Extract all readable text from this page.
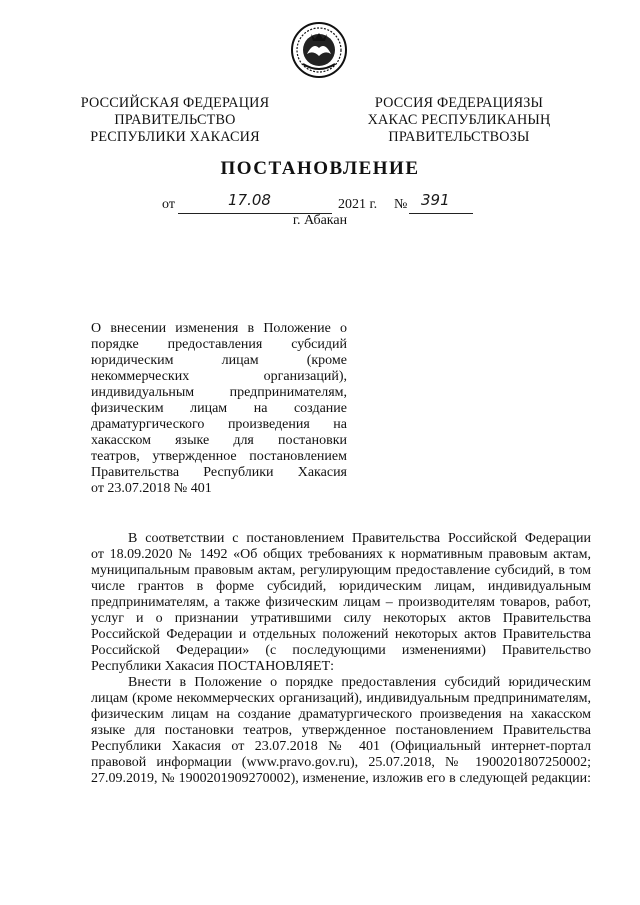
РОССИЙСКАЯ ФЕДЕРАЦИЯ
ПРАВИТЕЛЬСТВО
РЕСПУБЛИКИ ХАКАСИЯ
РОССИЯ ФЕДЕРАЦИЯЗЫ
ХАКАС РЕСПУБЛИКАНЫҢ
ПРАВИТЕЛЬСТВОЗЫ
ПОСТАНОВЛЕНИЕ
от	17.08	2021 г. № 391
г. Абакан
О внесении изменения в Положение о
порядке предоставления субсидий
юридическим лицам (кроме
некоммерческих организаций),
индивидуальным предпринимателям,
физическим лицам на создание
драматургического произведения на
хакасском языке для постановки
театров, утвержденное постановлением
Правительства Республики Хакасия
от 23.07.2018 № 401
В соответствии с постановлением Правительства Российской Федерации
от 18.09.2020 № 1492 «Об общих требованиях к нормативным правовым актам,
муниципальным правовым актам, регулирующим предоставление субсидий, в том
числе грантов в форме субсидий, юридическим лицам, индивидуальным
предпринимателям, а также физическим лицам – производителям товаров, работ,
услуг и о признании утратившими силу некоторых актов Правительства
Российской Федерации и отдельных положений некоторых актов Правительства
Российской Федерации» (с последующими изменениями) Правительство
Республики Хакасия ПОСТАНОВЛЯЕТ:
Внести в Положение о порядке предоставления субсидий юридическим
лицам (кроме некоммерческих организаций), индивидуальным предпринимателям,
физическим лицам на создание драматургического произведения на хакасском
языке для постановки театров, утвержденное постановлением Правительства
Республики Хакасия от 23.07.2018 № 401 (Официальный интернет-портал
правовой информации (www.pravo.gov.ru), 25.07.2018, № 1900201807250002;
27.09.2019, № 1900201909270002), изменение, изложив его в следующей редакции:
